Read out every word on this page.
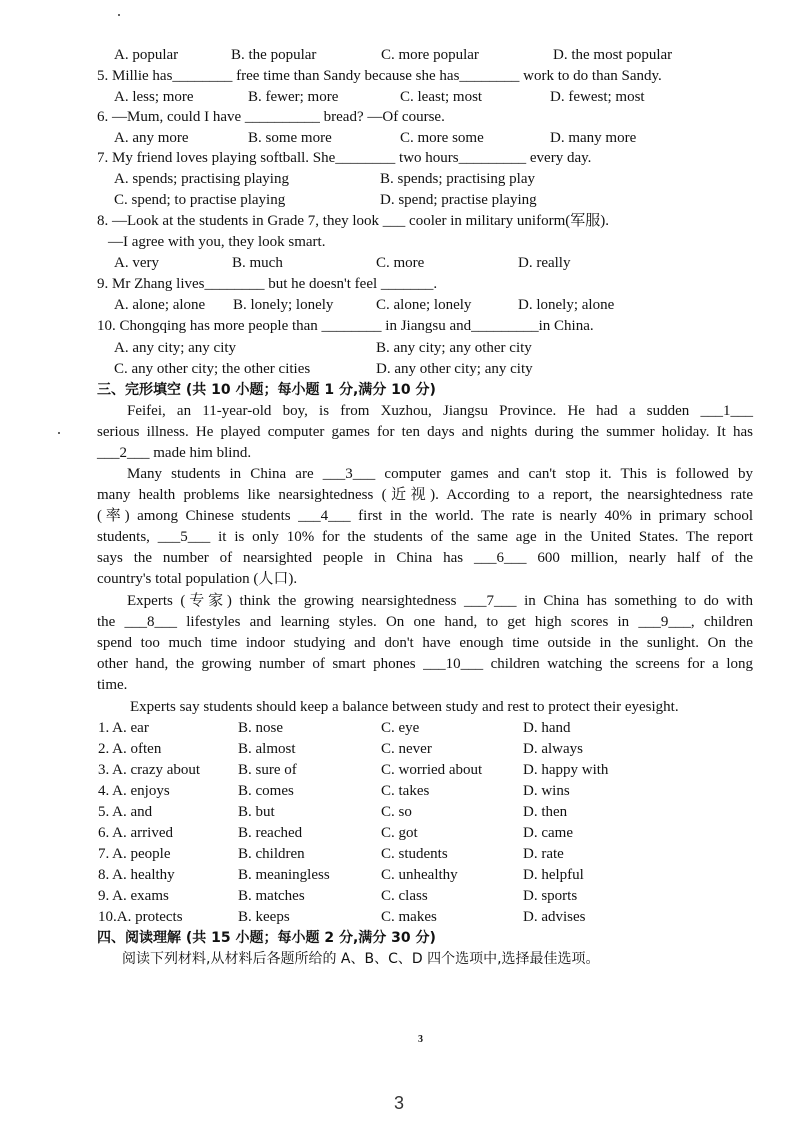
A. popular	B. the popular	C. more popular	D. the most popular
5. Millie has________ free time than Sandy because she has________ work to do than Sandy.
A. less; more	B. fewer; more	C. least; most	D. fewest; most
6. —Mum, could I have __________ bread? —Of course.
A. any more	B. some more	C. more some	D. many more
7. My friend loves playing softball. She________ two hours_________ every day.
A. spends; practising playing	B. spends; practising play
C. spend; to practise playing	D. spend; practise playing
8. —Look at the students in Grade 7, they look ___ cooler in military uniform(军服).
—I agree with you, they look smart.
A. very	B. much	C. more	D. really
9. Mr Zhang lives________ but he doesn't feel _______.
A. alone; alone B. lonely; lonely	C. alone; lonely	D. lonely; alone
10. Chongqing has more people than ________ in Jiangsu and_________in China.
A. any city; any city	B. any city; any other city
C. any other city; the other cities	D. any other city; any city
三、完形填空 (共 10 小题；每小题 1 分,满分 10 分)
Feifei, an 11-year-old boy, is from Xuzhou, Jiangsu Province. He had a sudden ___1___
serious illness. He played computer games for ten days and nights during the summer holiday. It has
___2___ made him blind.
Many students in China are ___3___ computer games and can't stop it. This is followed by
many health problems like nearsightedness (近视). According to a report, the nearsightedness rate
(率) among Chinese students ___4___ first in the world. The rate is nearly 40% in primary school
students, ___5___ it is only 10% for the students of the same age in the United States. The report
says the number of nearsighted people in China has ___6___ 600 million, nearly half of the
country's total population (人口).
Experts (专家) think the growing nearsightedness ___7___ in China has something to do with
the ___8___ lifestyles and learning styles. On one hand, to get high scores in ___9___, children
spend too much time indoor studying and don't have enough time outside in the sunlight. On the
other hand, the growing number of smart phones ___10___ children watching the screens for a long
time.
Experts say students should keep a balance between study and rest to protect their eyesight.
1. A. ear	B. nose	C. eye	D. hand
2. A. often	B. almost	C. never	D. always
3. A. crazy about	B. sure of	C. worried about	D. happy with
4. A. enjoys	B. comes	C. takes	D. wins
5. A. and	B. but	C. so	D. then
6. A. arrived	B. reached	C. got	D. came
7. A. people	B. children	C. students	D. rate
8. A. healthy	B. meaningless	C. unhealthy	D. helpful
9. A. exams	B. matches	C. class	D. sports
10.A. protects	B. keeps	C. makes	D. advises
四、阅读理解 (共 15 小题；每小题 2 分,满分 30 分)
阅读下列材料,从材料后各题所给的 A、B、C、D 四个选项中,选择最佳选项。
3
3
